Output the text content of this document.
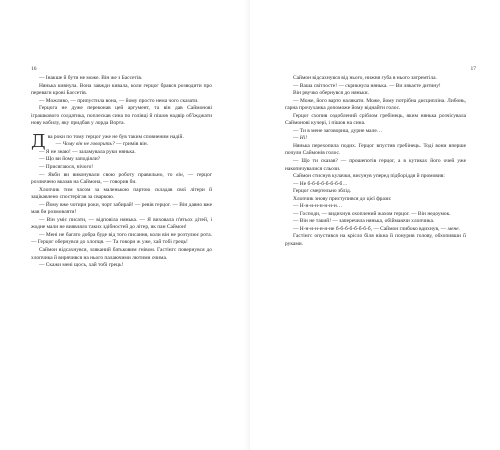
16

— Інакше й бути не може. Він же з Бассетів.

Нянька кивнула. Вона завжди кивала, коли герцог брався розводити про переваги крові Бассетів.

— Можливо, — припустила вона, — йому просто нема чого сказати.

Герцога не дуже переконав цей аргумент, та він дав Саймонові іграшкового солдатика, поплескав сина по голівці й пішов надвір об'їжджати нову кобилу, яку придбав у лорда Ворта.

Два роки по тому герцог уже не був таким сповненим надій.

— Чому він не говорить? — гримів він.

— Я не знаю! — заламувала руки нянька.

— Що ви йому заподіяли?

— Присягаюся, нічого!

— Якби ви виконували свою роботу правильно, то він, — герцог розлючено вказав на Саймона, — говорив би.

Хлопчик тим часом за маленькою партою складав свої літери й зацікавлено спостерігав за сваркою.

— Йому вже чотири роки, чорт забирай! — ревів герцог. — Він давно вже мав би розмовляти!

— Він уміє писати, — відповіла нянька. — Я виховала п'ятьох дітей, і жодне мали не виявляло таких здібностей до літер, як пан Саймон!

— Мені не багато добра буде від того писання, коли він не розтулює рота. — Герцог обернувся до хлопця. — Та говори ж уже, хай тобі грець!

Саймон відсахнувся, зляканий батьковим гнівом. Гастінгс повернувся до хлопчика й вирячився на нього палаючими лютими очима.

— Скажи мені щось, хай тобі грець!

17

Саймон відсахнувся від нього, нижня губа в нього затремтіла.

— Ваша світлосте! — скрикнула нянька. — Ви лякаєте дитину!

Він рвучко обернувся до няньки.

— Може, його варто налякати. Може, йому потрібна дисципліна. Либонь, гарна прочуханка допоможе йому віднайти голос.

Герцог схопив оздоблений сріблом гребінець, яким нянька розчісувала Саймонові кучері, і пішов на сина.

— Ти в мене заговориш, дурне мале…

— Ні!

Нянька перехопила подих. Герцог впустив гребінець. Тоді вони вперше почули Саймонів голос.

— Що ти сказав? — прошепотів герцог, а в кутиках його очей уже накопичувалися сльози.

Саймон стиснув кулачки, висунув уперед підборіддя й промовив:

— Не б-б-б-б-б-б-б-б…

Герцог смертельно зблід.

Хлопчик знову приступився до цієї фрази:

— Н-н-н-н-н-н-н-н…

— Господи, — видихнув охоплений жахом герцог. — Він недоумок.

— Він не такий! — заперечила нянька, обіймаючи хлопчика.

— Н-н-н-н-н-н-не б-б-б-б-б-б-б-б, — Саймон глибоко вдихнув, — мене.

Гастінгс опустився на крісло біля вікна й понурив голову, обхопивши її руками.
